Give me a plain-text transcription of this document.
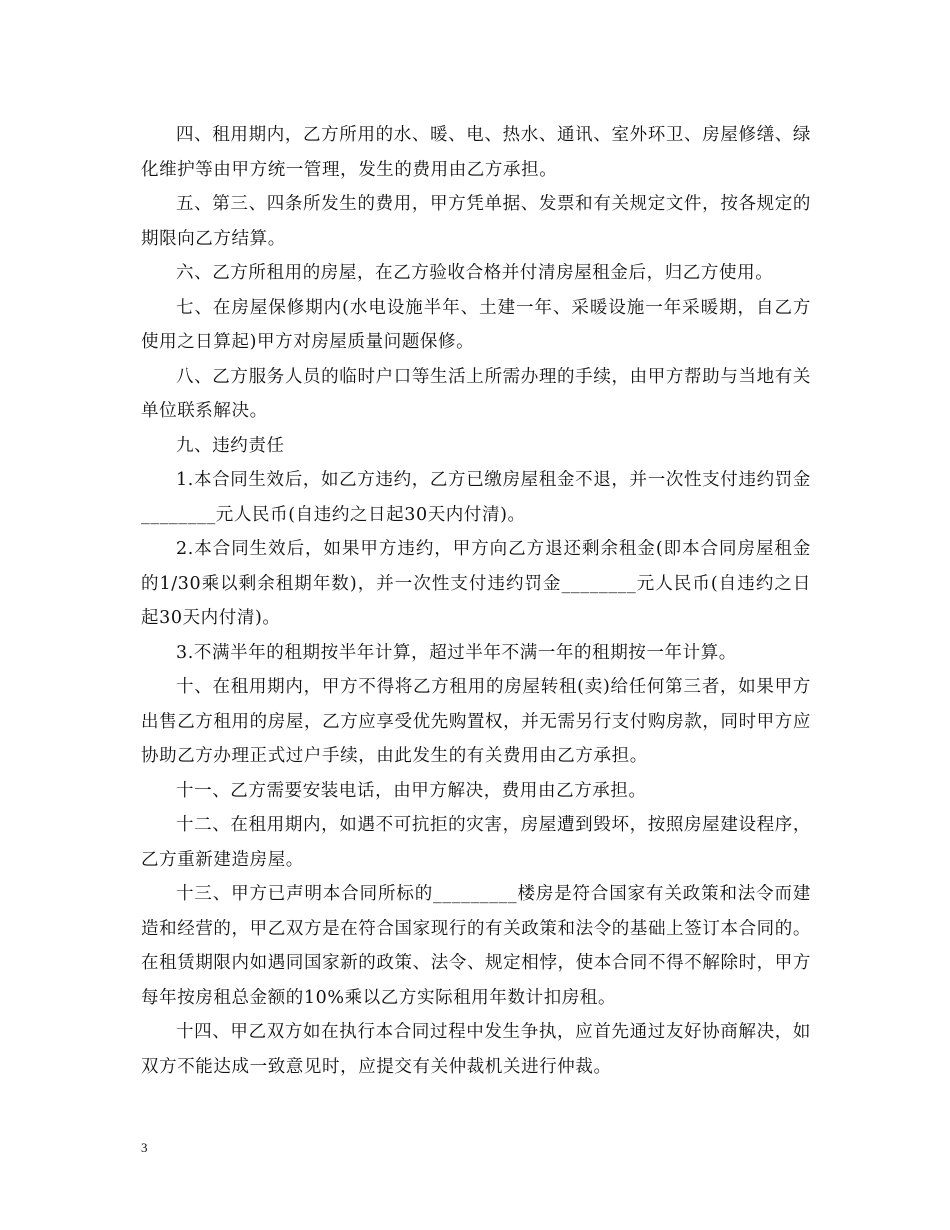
四、租用期内，乙方所用的水、暖、电、热水、通讯、室外环卫、房屋修缮、绿化维护等由甲方统一管理，发生的费用由乙方承担。

五、第三、四条所发生的费用，甲方凭单据、发票和有关规定文件，按各规定的期限向乙方结算。

六、乙方所租用的房屋，在乙方验收合格并付清房屋租金后，归乙方使用。

七、在房屋保修期内(水电设施半年、土建一年、采暖设施一年采暖期，自乙方使用之日算起)甲方对房屋质量问题保修。

八、乙方服务人员的临时户口等生活上所需办理的手续，由甲方帮助与当地有关单位联系解决。

九、违约责任

1.本合同生效后，如乙方违约，乙方已缴房屋租金不退，并一次性支付违约罚金________元人民币(自违约之日起30天内付清)。

2.本合同生效后，如果甲方违约，甲方向乙方退还剩余租金(即本合同房屋租金的1/30乘以剩余租期年数)，并一次性支付违约罚金________元人民币(自违约之日起30天内付清)。

3.不满半年的租期按半年计算，超过半年不满一年的租期按一年计算。

十、在租用期内，甲方不得将乙方租用的房屋转租(卖)给任何第三者，如果甲方出售乙方租用的房屋，乙方应享受优先购置权，并无需另行支付购房款，同时甲方应协助乙方办理正式过户手续，由此发生的有关费用由乙方承担。

十一、乙方需要安装电话，由甲方解决，费用由乙方承担。

十二、在租用期内，如遇不可抗拒的灾害，房屋遭到毁坏，按照房屋建设程序，乙方重新建造房屋。

十三、甲方已声明本合同所标的_________楼房是符合国家有关政策和法令而建造和经营的，甲乙双方是在符合国家现行的有关政策和法令的基础上签订本合同的。在租赁期限内如遇同国家新的政策、法令、规定相悖，使本合同不得不解除时，甲方每年按房租总金额的10%乘以乙方实际租用年数计扣房租。

十四、甲乙双方如在执行本合同过程中发生争执，应首先通过友好协商解决，如双方不能达成一致意见时，应提交有关仲裁机关进行仲裁。

3
